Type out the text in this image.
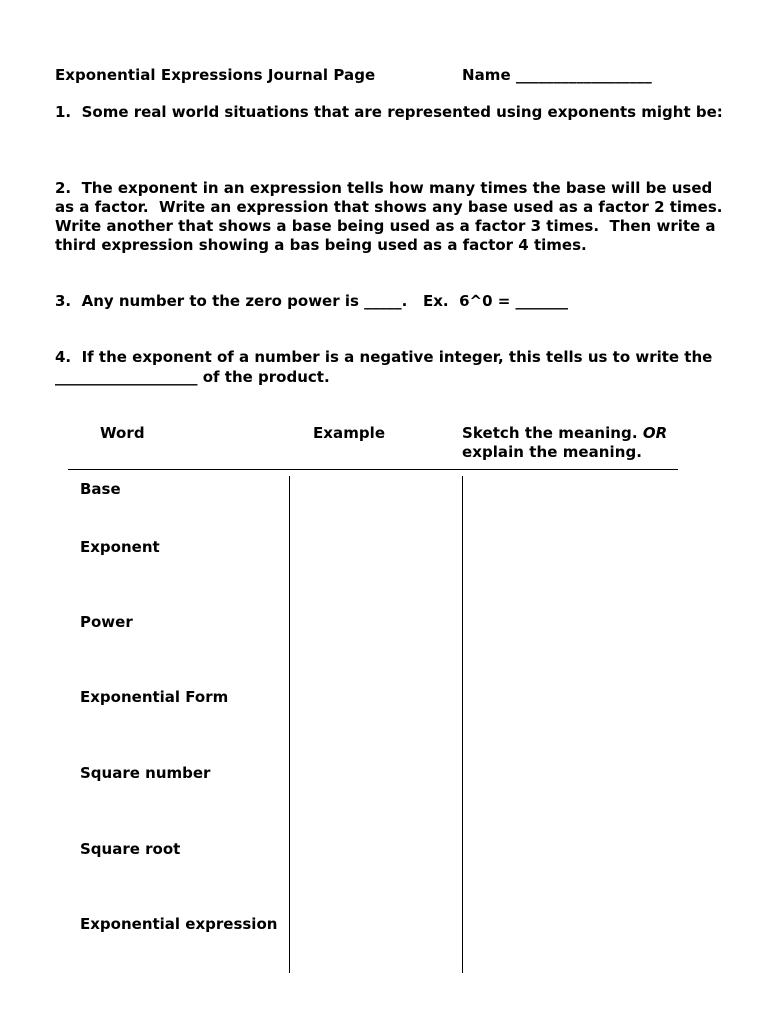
Exponential Expressions Journal Page	Name __________________
1.  Some real world situations that are represented using exponents might be:
2.  The exponent in an expression tells how many times the base will be used
as a factor.  Write an expression that shows any base used as a factor 2 times.
Write another that shows a base being used as a factor 3 times.  Then write a
third expression showing a bas being used as a factor 4 times.
3.  Any number to the zero power is _____.   Ex.  6^0 = _______
4.  If the exponent of a number is a negative integer, this tells us to write the
___________________ of the product.
Word	Example	Sketch the meaning. OR
explain the meaning.
Base
Exponent
Power
Exponential Form
Square number
Square root
Exponential expression
